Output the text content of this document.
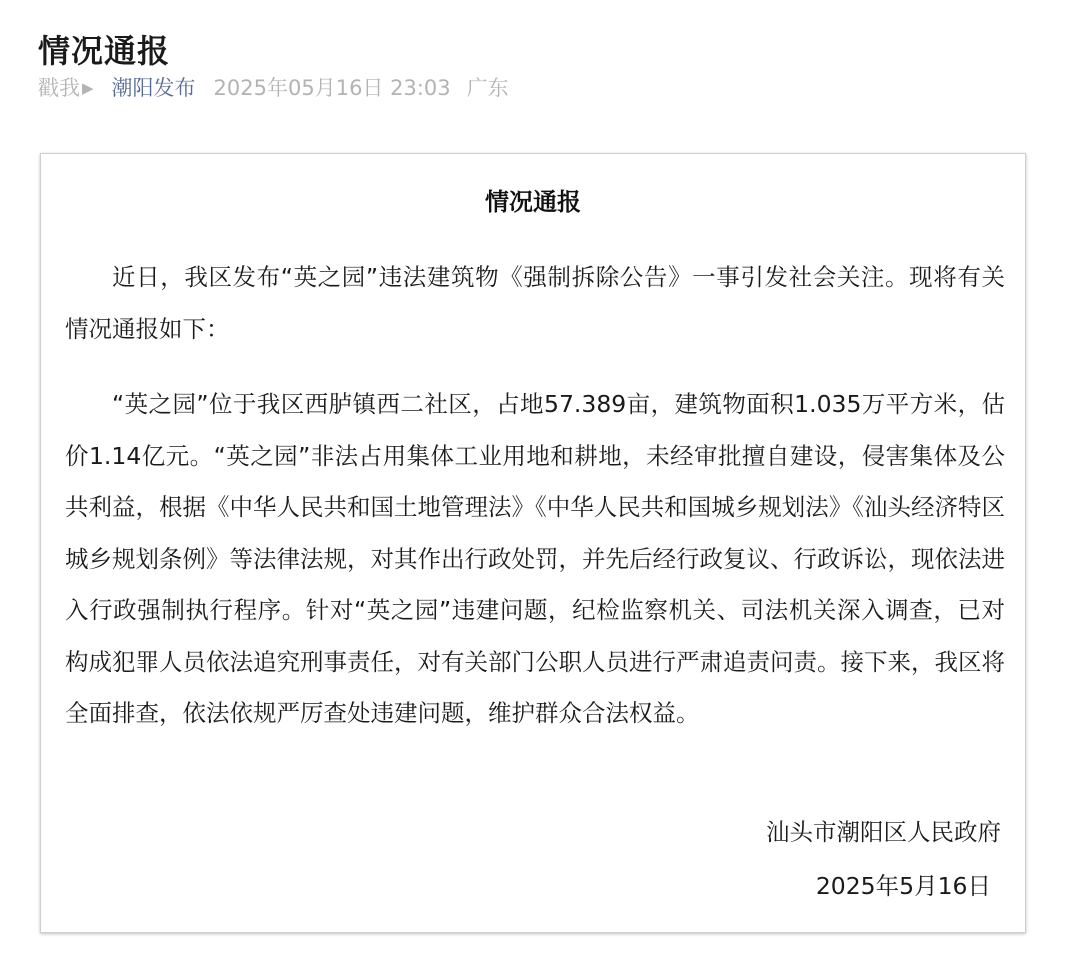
情况通报
戳我 ▶ 潮阳发布 2025年05月16日 23:03 广东
情况通报

近日，我区发布“英之园”违法建筑物《强制拆除公告》一事引发社会关注。现将有关情况通报如下：

“英之园”位于我区西胪镇西二社区，占地57.389亩，建筑物面积1.035万平方米，估价1.14亿元。“英之园”非法占用集体工业用地和耕地，未经审批擅自建设，侵害集体及公共利益，根据《中华人民共和国土地管理法》《中华人民共和国城乡规划法》《汕头经济特区城乡规划条例》等法律法规，对其作出行政处罚，并先后经行政复议、行政诉讼，现依法进入行政强制执行程序。针对“英之园”违建问题，纪检监察机关、司法机关深入调查，已对构成犯罪人员依法追究刑事责任，对有关部门公职人员进行严肃追责问责。接下来，我区将全面排查，依法依规严厉查处违建问题，维护群众合法权益。

汕头市潮阳区人民政府
2025年5月16日
